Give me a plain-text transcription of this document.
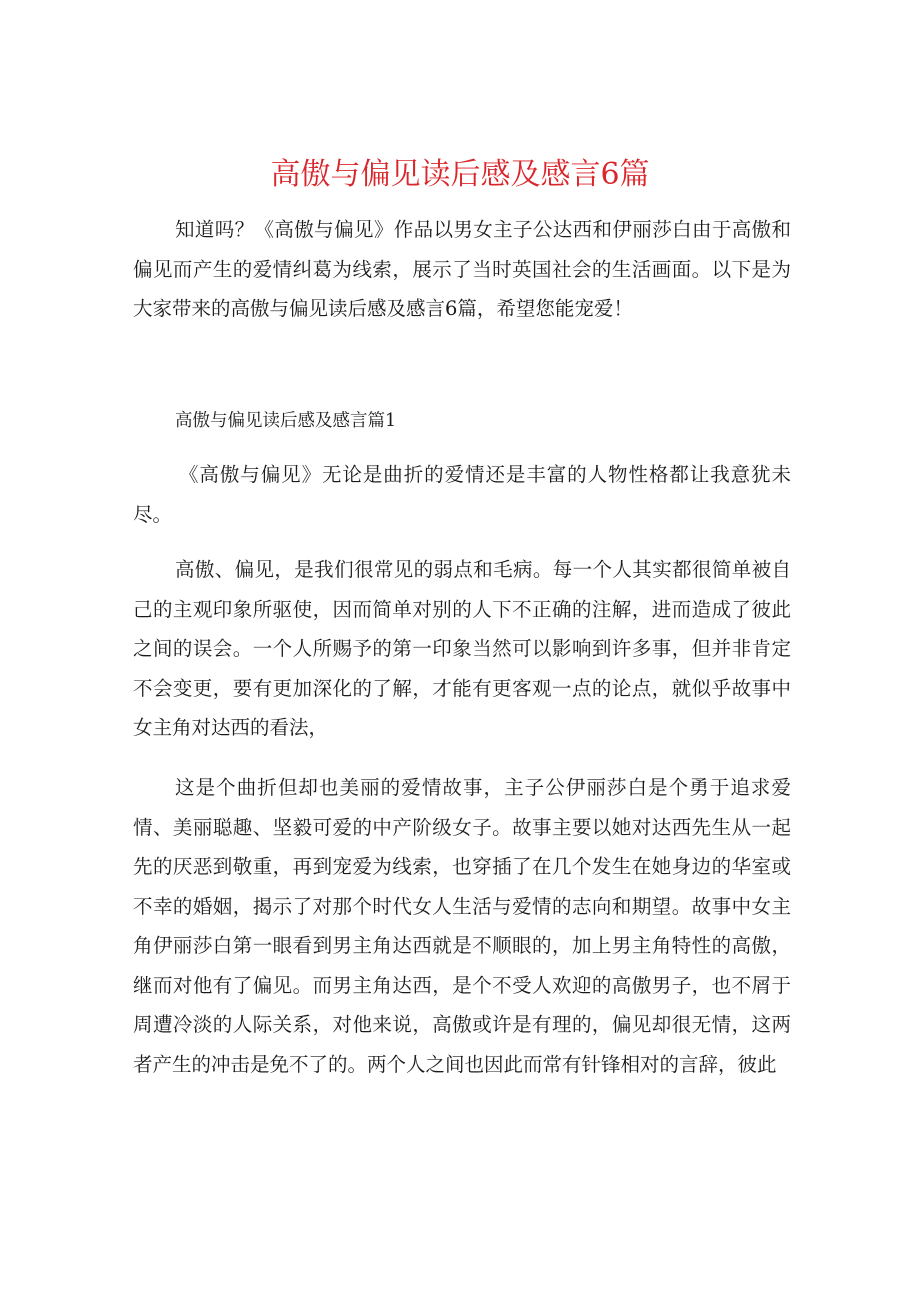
高傲与偏见读后感及感言6篇

知道吗？《高傲与偏见》作品以男女主子公达西和伊丽莎白由于高傲和偏见而产生的爱情纠葛为线索，展示了当时英国社会的生活画面。以下是为大家带来的高傲与偏见读后感及感言6篇，希望您能宠爱！

高傲与偏见读后感及感言篇1

《高傲与偏见》无论是曲折的爱情还是丰富的人物性格都让我意犹未尽。

高傲、偏见，是我们很常见的弱点和毛病。每一个人其实都很简单被自己的主观印象所驱使，因而简单对别的人下不正确的注解，进而造成了彼此之间的误会。一个人所赐予的第一印象当然可以影响到许多事，但并非肯定不会变更，要有更加深化的了解，才能有更客观一点的论点，就似乎故事中女主角对达西的看法，

这是个曲折但却也美丽的爱情故事，主子公伊丽莎白是个勇于追求爱情、美丽聪趣、坚毅可爱的中产阶级女子。故事主要以她对达西先生从一起先的厌恶到敬重，再到宠爱为线索，也穿插了在几个发生在她身边的华室或不幸的婚姻，揭示了对那个时代女人生活与爱情的志向和期望。故事中女主角伊丽莎白第一眼看到男主角达西就是不顺眼的，加上男主角特性的高傲，继而对他有了偏见。而男主角达西，是个不受人欢迎的高傲男子，也不屑于周遭冷淡的人际关系，对他来说，高傲或许是有理的，偏见却很无情，这两者产生的冲击是免不了的。两个人之间也因此而常有针锋相对的言辞，彼此
